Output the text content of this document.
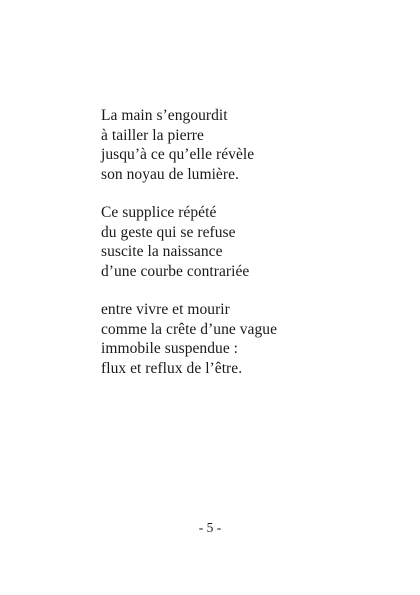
La main s’engourdit
à tailler la pierre
jusqu’à ce qu’elle révèle
son noyau de lumière.

Ce supplice répété
du geste qui se refuse
suscite la naissance
d’une courbe contrariée

entre vivre et mourir
comme la crête d’une vague
immobile suspendue :
flux et reflux de l’être.

- 5 -
